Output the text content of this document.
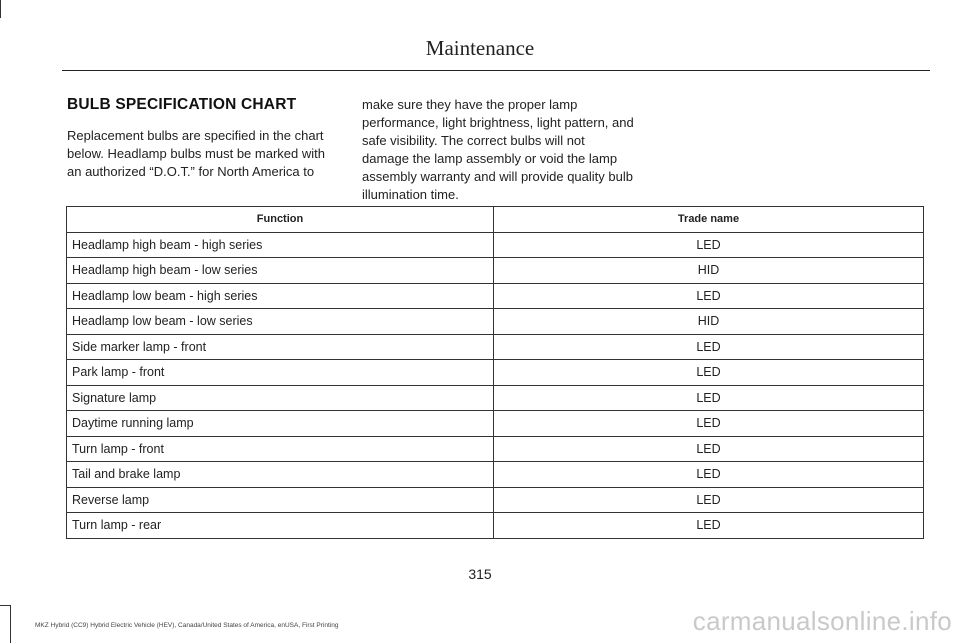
Maintenance
BULB SPECIFICATION CHART

Replacement bulbs are specified in the chart below. Headlamp bulbs must be marked with an authorized “D.O.T.” for North America to

make sure they have the proper lamp performance, light brightness, light pattern, and safe visibility. The correct bulbs will not damage the lamp assembly or void the lamp assembly warranty and will provide quality bulb illumination time.

Function	Trade name
Headlamp high beam - high series	LED
Headlamp high beam - low series	HID
Headlamp low beam - high series	LED
Headlamp low beam - low series	HID
Side marker lamp - front	LED
Park lamp - front	LED
Signature lamp	LED
Daytime running lamp	LED
Turn lamp - front	LED
Tail and brake lamp	LED
Reverse lamp	LED
Turn lamp - rear	LED
315
MKZ Hybrid (CC9) Hybrid Electric Vehicle (HEV), Canada/United States of America, enUSA, First Printing	carmanualsonline.info
